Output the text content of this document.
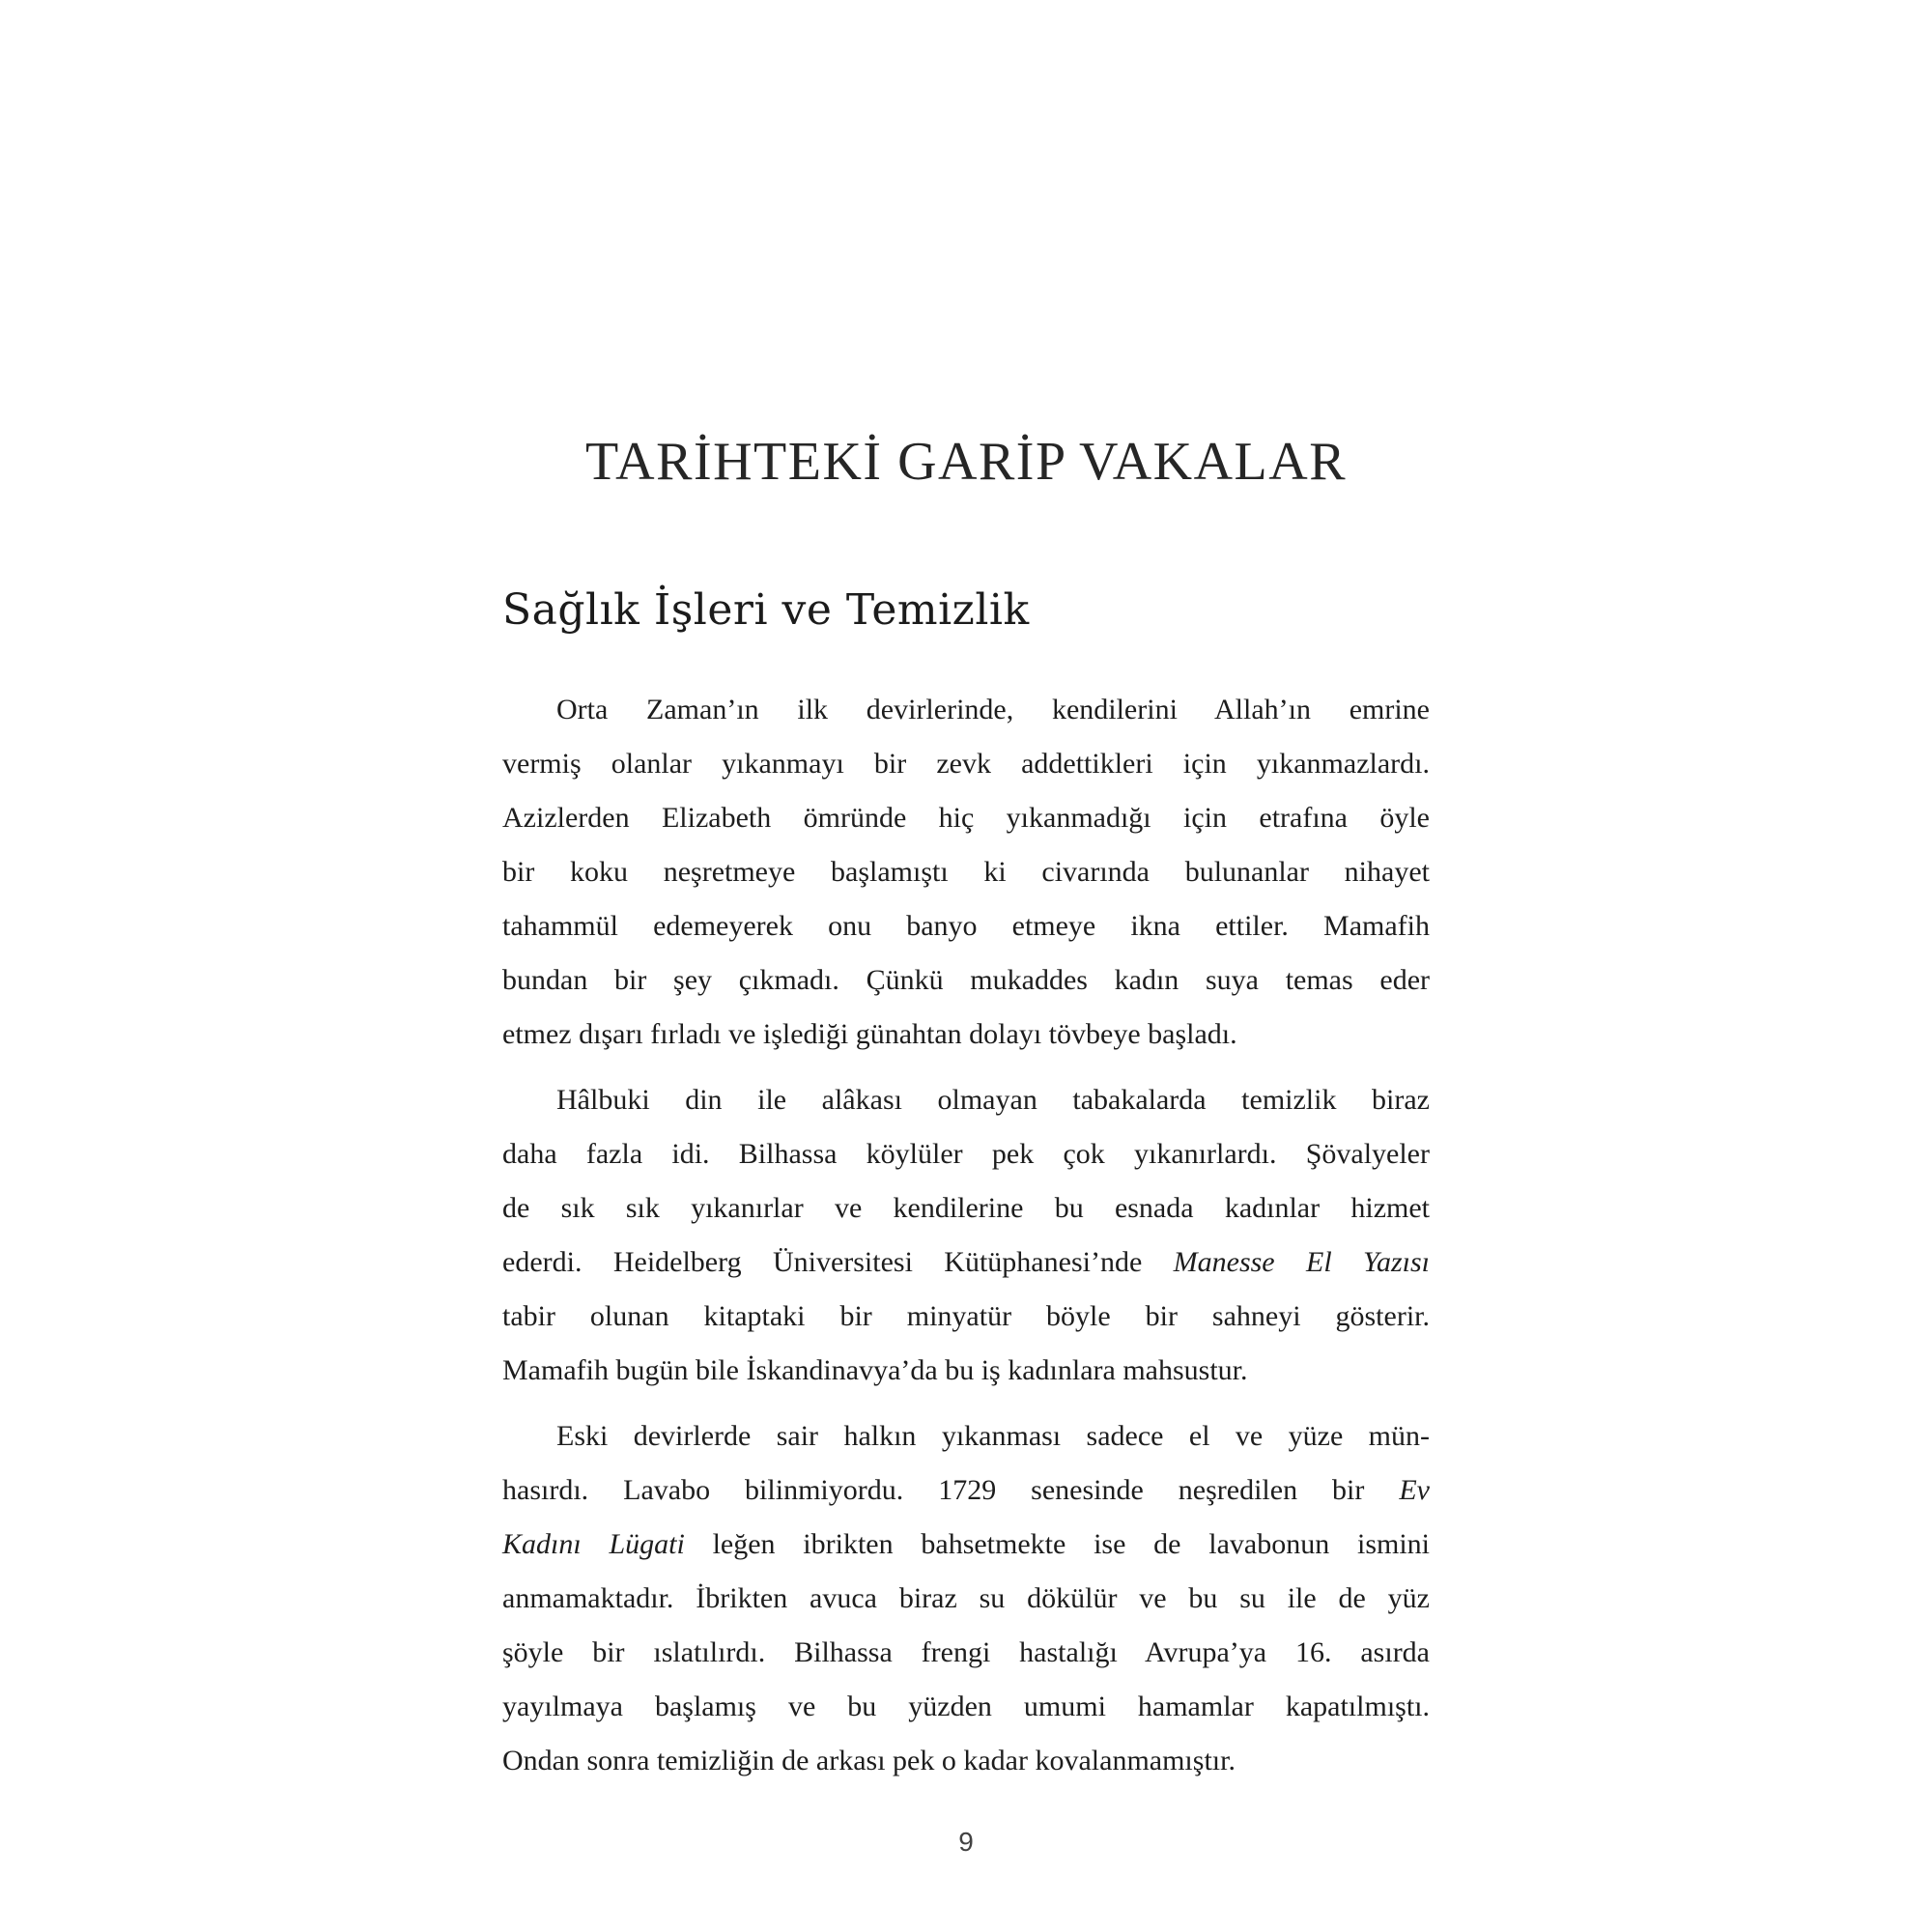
TARİHTEKİ GARİP VAKALAR
Sağlık İşleri ve Temizlik

Orta Zaman’ın ilk devirlerinde, kendilerini Allah’ın emrine
vermiş olanlar yıkanmayı bir zevk addettikleri için yıkanmazlardı.
Azizlerden Elizabeth ömründe hiç yıkanmadığı için etrafına öyle
bir koku neşretmeye başlamıştı ki civarında bulunanlar nihayet
tahammül edemeyerek onu banyo etmeye ikna ettiler. Mamafih
bundan bir şey çıkmadı. Çünkü mukaddes kadın suya temas eder
etmez dışarı fırladı ve işlediği günahtan dolayı tövbeye başladı.

Hâlbuki din ile alâkası olmayan tabakalarda temizlik biraz
daha fazla idi. Bilhassa köylüler pek çok yıkanırlardı. Şövalyeler
de sık sık yıkanırlar ve kendilerine bu esnada kadınlar hizmet
ederdi. Heidelberg Üniversitesi Kütüphanesi’nde Manesse El Yazısı
tabir olunan kitaptaki bir minyatür böyle bir sahneyi gösterir.
Mamafih bugün bile İskandinavya’da bu iş kadınlara mahsustur.

Eski devirlerde sair halkın yıkanması sadece el ve yüze mün-
hasırdı. Lavabo bilinmiyordu. 1729 senesinde neşredilen bir Ev
Kadını Lügati leğen ibrikten bahsetmekte ise de lavabonun ismini
anmamaktadır. İbrikten avuca biraz su dökülür ve bu su ile de yüz
şöyle bir ıslatılırdı. Bilhassa frengi hastalığı Avrupa’ya 16. asırda
yayılmaya başlamış ve bu yüzden umumi hamamlar kapatılmıştı.
Ondan sonra temizliğin de arkası pek o kadar kovalanmamıştır.

9
